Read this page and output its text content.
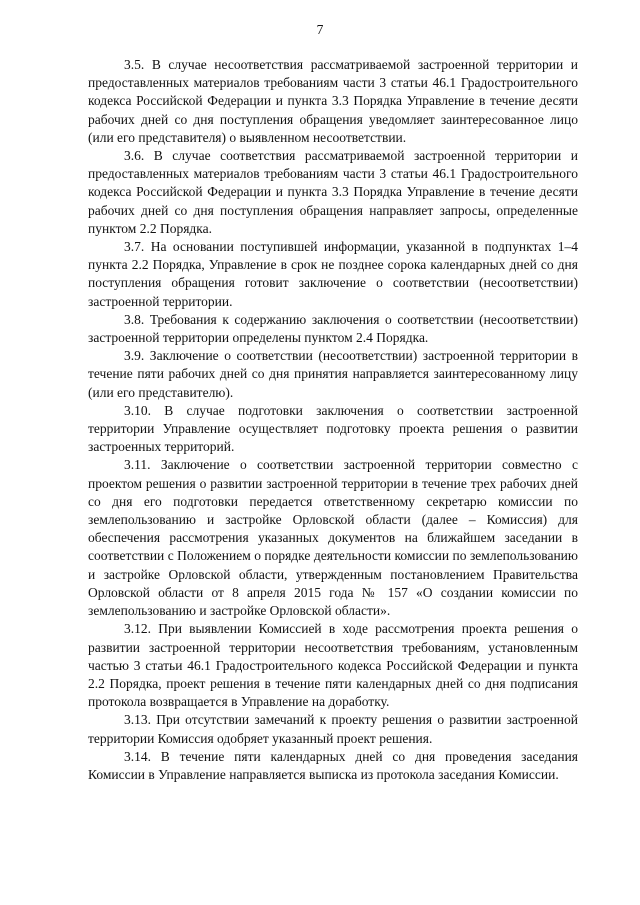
7

3.5. В случае несоответствия рассматриваемой застроенной территории и предоставленных материалов требованиям части 3 статьи 46.1 Градостроительного кодекса Российской Федерации и пункта 3.3 Порядка Управление в течение десяти рабочих дней со дня поступления обращения уведомляет заинтересованное лицо (или его представителя) о выявленном несоответствии.

3.6. В случае соответствия рассматриваемой застроенной территории и предоставленных материалов требованиям части 3 статьи 46.1 Градостроительного кодекса Российской Федерации и пункта 3.3 Порядка Управление в течение десяти рабочих дней со дня поступления обращения направляет запросы, определенные пунктом 2.2 Порядка.

3.7. На основании поступившей информации, указанной в подпунктах 1–4 пункта 2.2 Порядка, Управление в срок не позднее сорока календарных дней со дня поступления обращения готовит заключение о соответствии (несоответствии) застроенной территории.

3.8. Требования к содержанию заключения о соответствии (несоответствии) застроенной территории определены пунктом 2.4 Порядка.

3.9. Заключение о соответствии (несоответствии) застроенной территории в течение пяти рабочих дней со дня принятия направляется заинтересованному лицу (или его представителю).

3.10. В случае подготовки заключения о соответствии застроенной территории Управление осуществляет подготовку проекта решения о развитии застроенных территорий.

3.11. Заключение о соответствии застроенной территории совместно с проектом решения о развитии застроенной территории в течение трех рабочих дней со дня его подготовки передается ответственному секретарю комиссии по землепользованию и застройке Орловской области (далее – Комиссия) для обеспечения рассмотрения указанных документов на ближайшем заседании в соответствии с Положением о порядке деятельности комиссии по землепользованию и застройке Орловской области, утвержденным постановлением Правительства Орловской области от 8 апреля 2015 года № 157 «О создании комиссии по землепользованию и застройке Орловской области».

3.12. При выявлении Комиссией в ходе рассмотрения проекта решения о развитии застроенной территории несоответствия требованиям, установленным частью 3 статьи 46.1 Градостроительного кодекса Российской Федерации и пункта 2.2 Порядка, проект решения в течение пяти календарных дней со дня подписания протокола возвращается в Управление на доработку.

3.13. При отсутствии замечаний к проекту решения о развитии застроенной территории Комиссия одобряет указанный проект решения.

3.14. В течение пяти календарных дней со дня проведения заседания Комиссии в Управление направляется выписка из протокола заседания Комиссии.
